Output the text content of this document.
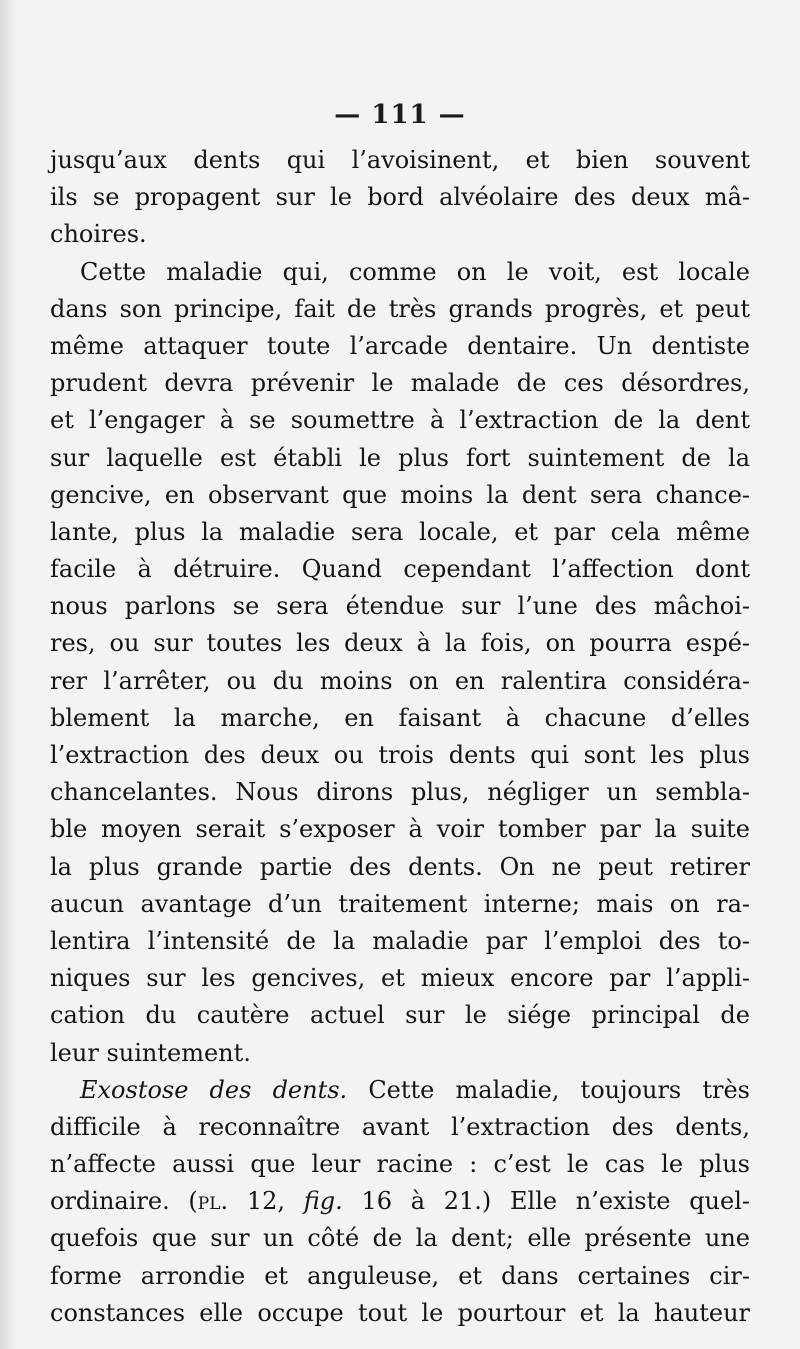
— 111 —
jusqu’aux dents qui l’avoisinent, et bien souvent
ils se propagent sur le bord alvéolaire des deux mâ-
choires.
Cette maladie qui, comme on le voit, est locale
dans son principe, fait de très grands progrès, et peut
même attaquer toute l’arcade dentaire. Un dentiste
prudent devra prévenir le malade de ces désordres,
et l’engager à se soumettre à l’extraction de la dent
sur laquelle est établi le plus fort suintement de la
gencive, en observant que moins la dent sera chance-
lante, plus la maladie sera locale, et par cela même
facile à détruire. Quand cependant l’affection dont
nous parlons se sera étendue sur l’une des mâchoi-
res, ou sur toutes les deux à la fois, on pourra espé-
rer l’arrêter, ou du moins on en ralentira considéra-
blement la marche, en faisant à chacune d’elles
l’extraction des deux ou trois dents qui sont les plus
chancelantes. Nous dirons plus, négliger un sembla-
ble moyen serait s’exposer à voir tomber par la suite
la plus grande partie des dents. On ne peut retirer
aucun avantage d’un traitement interne; mais on ra-
lentira l’intensité de la maladie par l’emploi des to-
niques sur les gencives, et mieux encore par l’appli-
cation du cautère actuel sur le siége principal de
leur suintement.
Exostose des dents. Cette maladie, toujours très
difficile à reconnaître avant l’extraction des dents,
n’affecte aussi que leur racine : c’est le cas le plus
ordinaire. (pl. 12, fig. 16 à 21.) Elle n’existe quel-
quefois que sur un côté de la dent; elle présente une
forme arrondie et anguleuse, et dans certaines cir-
constances elle occupe tout le pourtour et la hauteur
